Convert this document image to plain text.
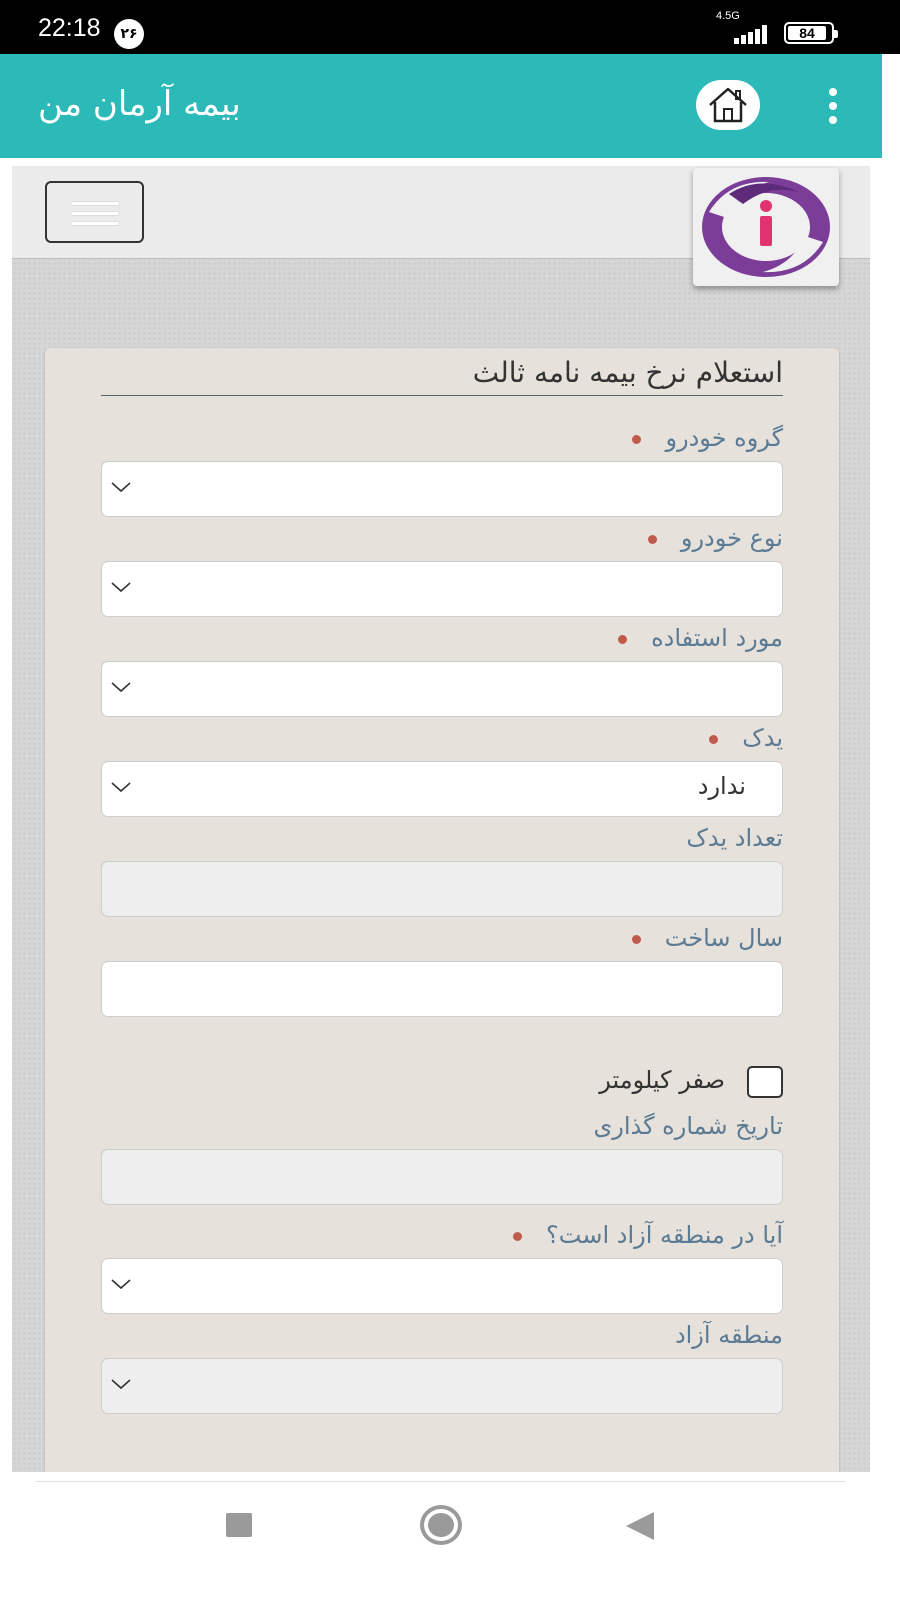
22:18	۲۶
4.5G
84
بیمه آرمان من
استعلام نرخ بیمه نامه ثالث
گروه خودرو
نوع خودرو
مورد استفاده
یدک
ندارد
تعداد یدک
سال ساخت
صفر کیلومتر
تاریخ شماره گذاری
آیا در منطقه آزاد است؟
منطقه آزاد
